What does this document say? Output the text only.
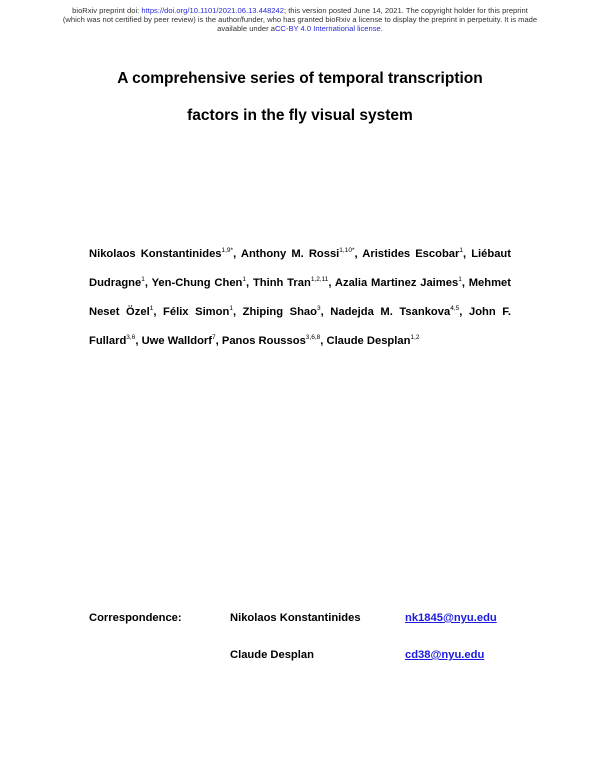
bioRxiv preprint doi: https://doi.org/10.1101/2021.06.13.448242; this version posted June 14, 2021. The copyright holder for this preprint
(which was not certified by peer review) is the author/funder, who has granted bioRxiv a license to display the preprint in perpetuity. It is made
available under aCC-BY 4.0 International license.
A comprehensive series of temporal transcription
factors in the fly visual system
Nikolaos Konstantinides$^{1,9*}$, Anthony M. Rossi$^{1,10*}$, Aristides Escobar$^1$, Liébaut Dudragne$^1$, Yen-Chung Chen$^1$, Thinh Tran$^{1,2,11}$, Azalia Martinez Jaimes$^1$, Mehmet Neset Özel$^1$, Félix Simon$^1$, Zhiping Shao$^3$, Nadejda M. Tsankova$^{4,5}$, John F. Fullard$^{3,6}$, Uwe Walldorf$^7$, Panos Roussos$^{3,6,8}$, Claude Desplan$^{1,2}$
Correspondence:	Nikolaos Konstantinides	nk1845@nyu.edu
Claude Desplan	cd38@nyu.edu
